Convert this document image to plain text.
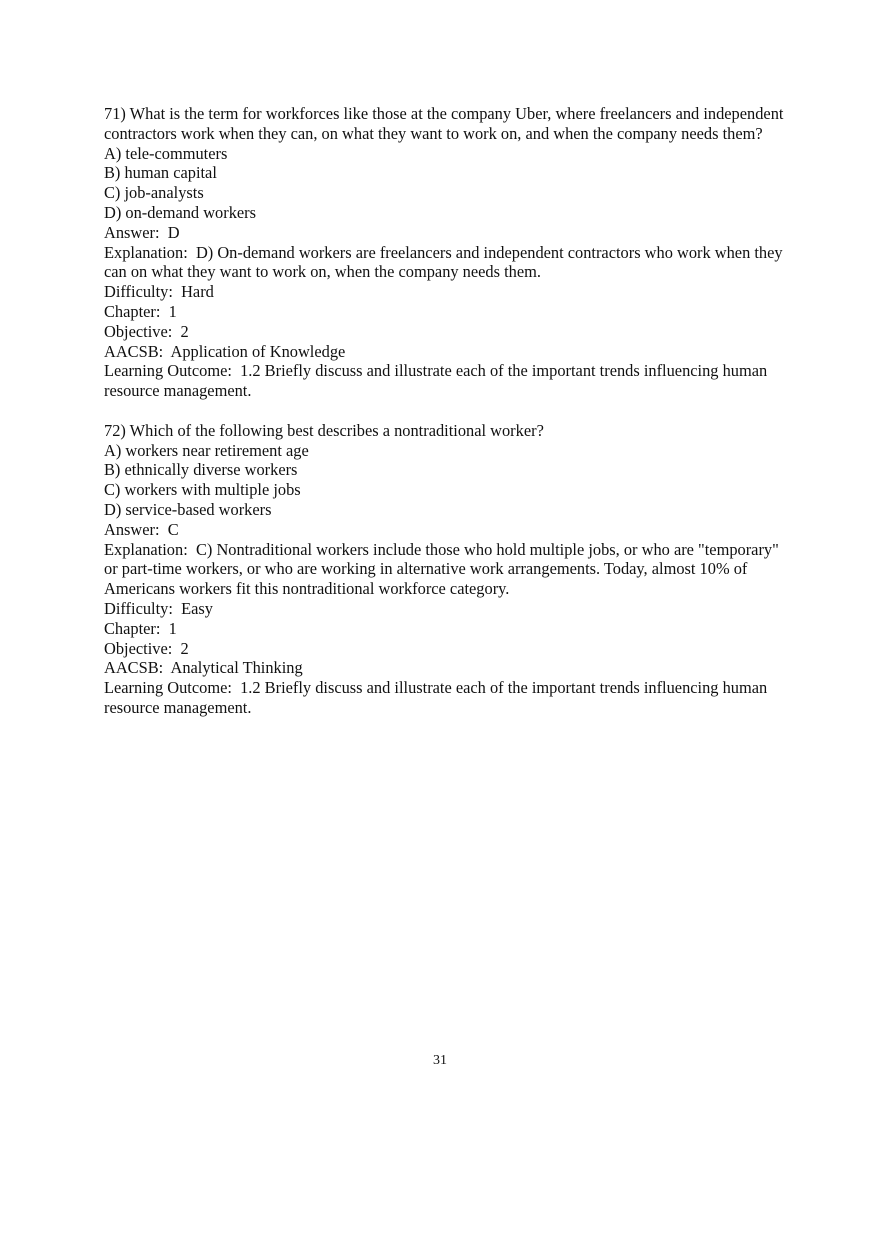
71) What is the term for workforces like those at the company Uber, where freelancers and independent contractors work when they can, on what they want to work on, and when the company needs them?
A) tele-commuters
B) human capital
C) job-analysts
D) on-demand workers
Answer:  D
Explanation:  D) On-demand workers are freelancers and independent contractors who work when they can on what they want to work on, when the company needs them.
Difficulty:  Hard
Chapter:  1
Objective:  2
AACSB:  Application of Knowledge
Learning Outcome:  1.2 Briefly discuss and illustrate each of the important trends influencing human resource management.
72) Which of the following best describes a nontraditional worker?
A) workers near retirement age
B) ethnically diverse workers
C) workers with multiple jobs
D) service-based workers
Answer:  C
Explanation:  C) Nontraditional workers include those who hold multiple jobs, or who are "temporary" or part-time workers, or who are working in alternative work arrangements. Today, almost 10% of Americans workers fit this nontraditional workforce category.
Difficulty:  Easy
Chapter:  1
Objective:  2
AACSB:  Analytical Thinking
Learning Outcome:  1.2 Briefly discuss and illustrate each of the important trends influencing human resource management.
31
